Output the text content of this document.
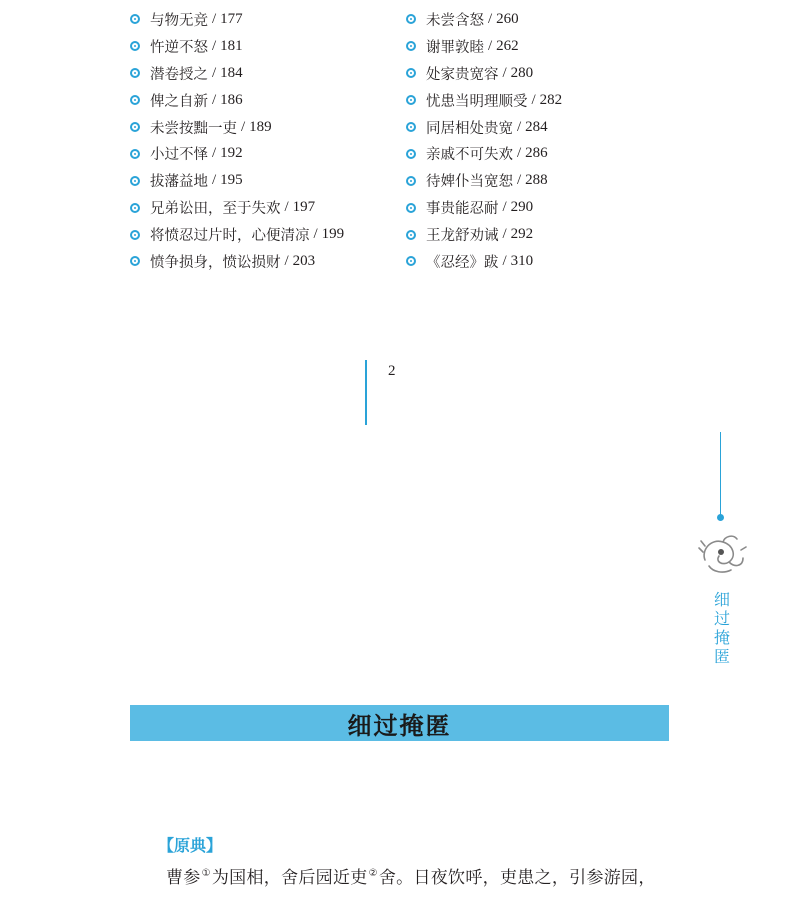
与物无竞 / 177
忤逆不怒 / 181
潜卷授之 / 184
俾之自新 / 186
未尝按黜一吏 / 189
小过不怿 / 192
拔藩益地 / 195
兄弟讼田，至于失欢 / 197
将愤忍过片时，心便清凉 / 199
愤争损身，愤讼损财 / 203
未尝含怒 / 260
谢罪敦睦 / 262
处家贵宽容 / 280
忧患当明理顺受 / 282
同居相处贵宽 / 284
亲戚不可失欢 / 286
待婢仆当宽恕 / 288
事贵能忍耐 / 290
王龙舒劝诫 / 292
《忍经》跋 / 310
2
细
过
掩
匿
细过掩匿
【原典】
曹参①为国相，舍后园近吏②舍。日夜饮呼，吏患之，引参游园，
